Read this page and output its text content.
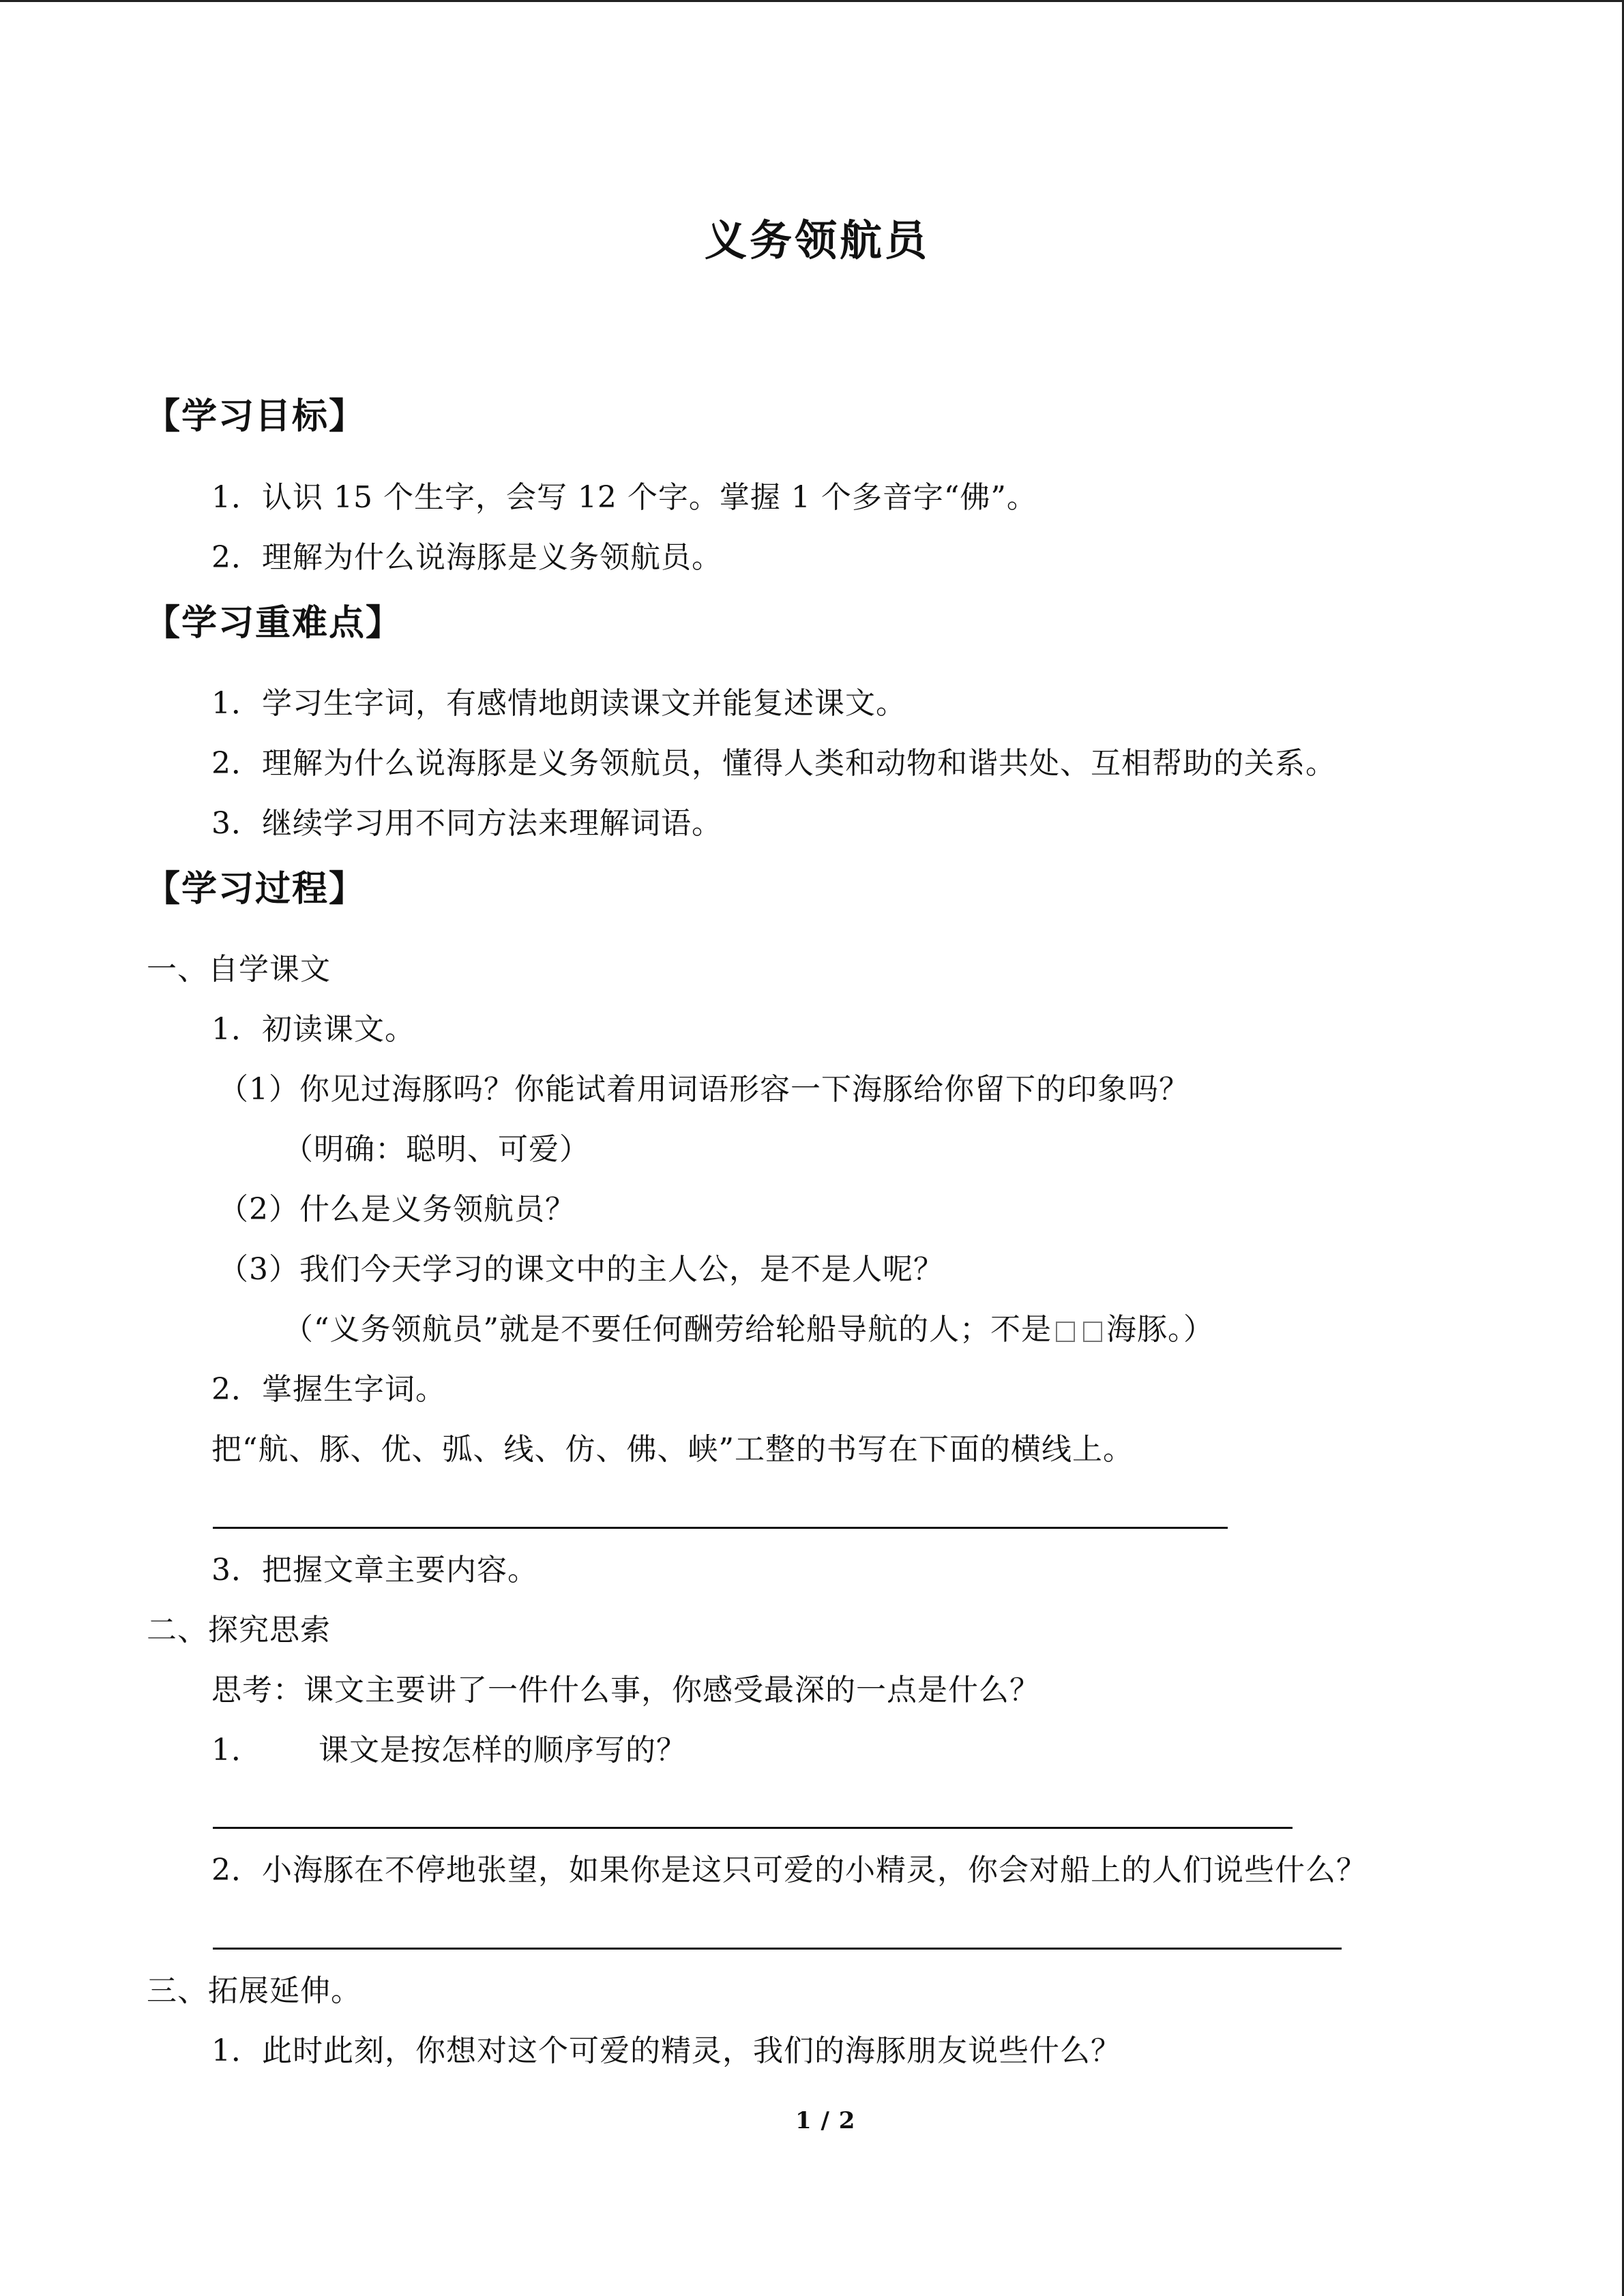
义务领航员
【学习目标】
1．认识 15 个生字，会写 12 个字。掌握 1 个多音字“佛”。
2．理解为什么说海豚是义务领航员。
【学习重难点】
1．学习生字词，有感情地朗读课文并能复述课文。
2．理解为什么说海豚是义务领航员，懂得人类和动物和谐共处、互相帮助的关系。
3．继续学习用不同方法来理解词语。
【学习过程】
一、自学课文
1．初读课文。
（1）你见过海豚吗？你能试着用词语形容一下海豚给你留下的印象吗？
（明确：聪明、可爱）
（2）什么是义务领航员？
（3）我们今天学习的课文中的主人公，是不是人呢？
（“义务领航员”就是不要任何酬劳给轮船导航的人；不是 海豚。）
2．掌握生字词。
把“航、豚、优、弧、线、仿、佛、峡”工整的书写在下面的横线上。
3．把握文章主要内容。
二、探究思索
思考：课文主要讲了一件什么事，你感受最深的一点是什么？
1． 课文是按怎样的顺序写的？
2．小海豚在不停地张望，如果你是这只可爱的小精灵，你会对船上的人们说些什么？
三、拓展延伸。
1．此时此刻，你想对这个可爱的精灵，我们的海豚朋友说些什么？
1 / 2
